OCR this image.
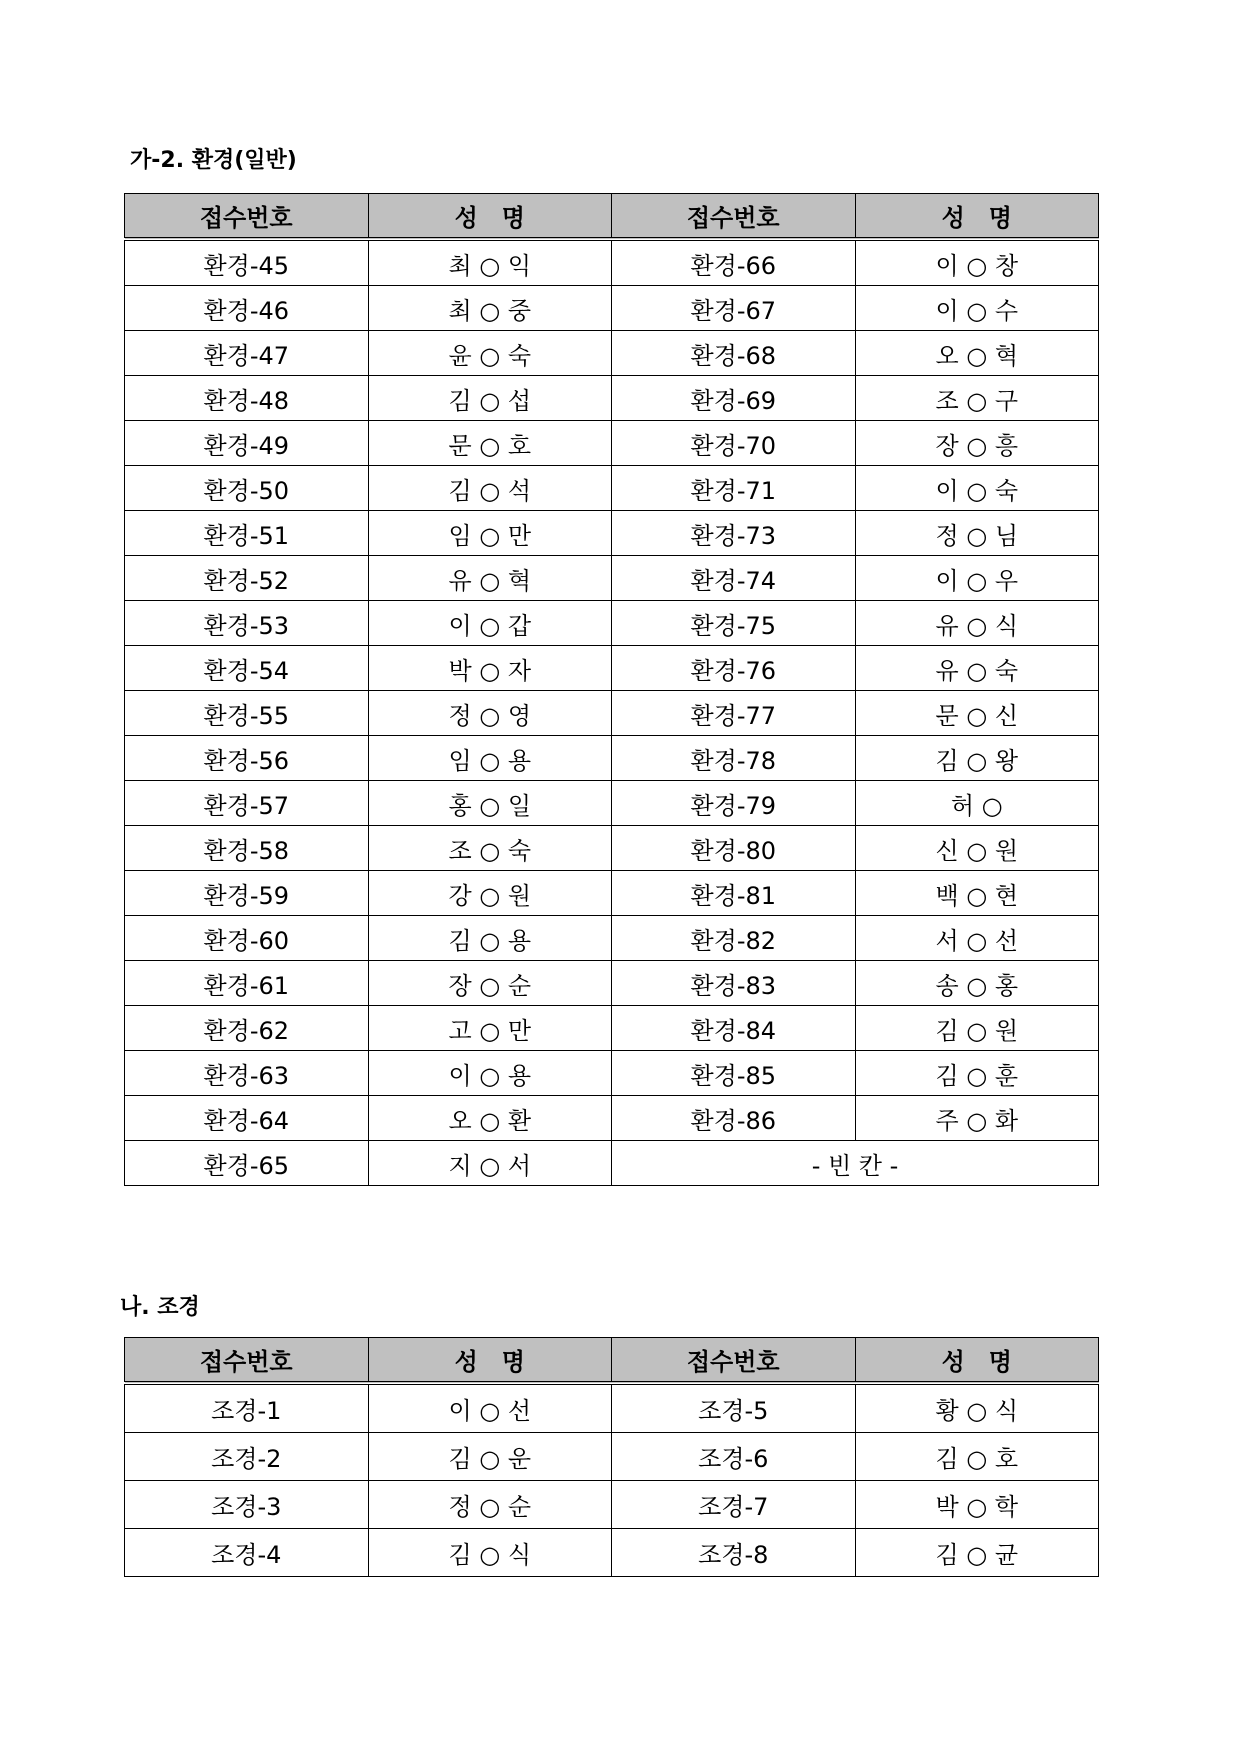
가-2. 환경(일반)
접수번호	성　명	접수번호	성　명
환경-45	최 ○ 익	환경-66	이 ○ 창
환경-46	최 ○ 중	환경-67	이 ○ 수
환경-47	윤 ○ 숙	환경-68	오 ○ 혁
환경-48	김 ○ 섭	환경-69	조 ○ 구
환경-49	문 ○ 호	환경-70	장 ○ 흥
환경-50	김 ○ 석	환경-71	이 ○ 숙
환경-51	임 ○ 만	환경-73	정 ○ 님
환경-52	유 ○ 혁	환경-74	이 ○ 우
환경-53	이 ○ 갑	환경-75	유 ○ 식
환경-54	박 ○ 자	환경-76	유 ○ 숙
환경-55	정 ○ 영	환경-77	문 ○ 신
환경-56	임 ○ 용	환경-78	김 ○ 왕
환경-57	홍 ○ 일	환경-79	허 ○
환경-58	조 ○ 숙	환경-80	신 ○ 원
환경-59	강 ○ 원	환경-81	백 ○ 현
환경-60	김 ○ 용	환경-82	서 ○ 선
환경-61	장 ○ 순	환경-83	송 ○ 홍
환경-62	고 ○ 만	환경-84	김 ○ 원
환경-63	이 ○ 용	환경-85	김 ○ 훈
환경-64	오 ○ 환	환경-86	주 ○ 화
환경-65	지 ○ 서	- 빈 칸 -	
나. 조경
접수번호	성　명	접수번호	성　명
조경-1	이 ○ 선	조경-5	황 ○ 식
조경-2	김 ○ 운	조경-6	김 ○ 호
조경-3	정 ○ 순	조경-7	박 ○ 학
조경-4	김 ○ 식	조경-8	김 ○ 균
